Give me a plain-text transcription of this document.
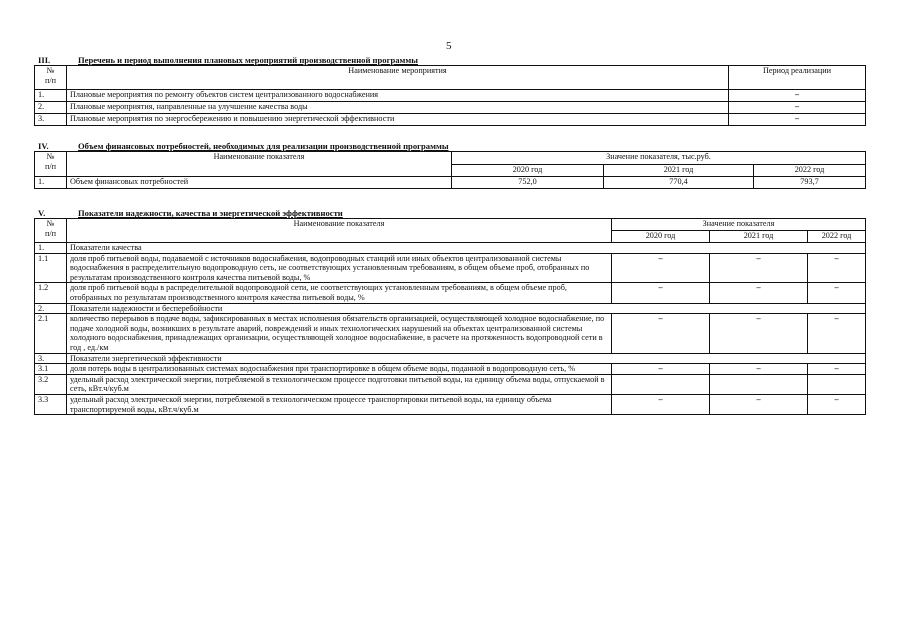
5
III.	Перечень и период выполнения плановых мероприятий производственной программы
№
п/п	Наименование мероприятия	Период реализации
1.	Плановые мероприятия по ремонту объектов систем централизованного водоснабжения	–
2.	Плановые мероприятия, направленные на улучшение качества воды	–
3.	Плановые мероприятия по энергосбережению и повышению энергетической эффективности	–
IV.	Объем финансовых потребностей, необходимых для реализации производственной программы
№
п/п	Наименование показателя	Значение показателя, тыс.руб.		
		2020 год	2021 год	2022 год
1.	Объем финансовых потребностей	752,0	770,4	793,7
V.	Показатели надежности, качества и энергетической эффективности
№
п/п	Наименование показателя	Значение показателя		
		2020 год	2021 год	2022 год
1.	Показатели качества			
1.1	доля проб питьевой воды, подаваемой с источников водоснабжения, водопроводных станций или иных объектов централизованной системы водоснабжения в распределительную водопроводную сеть, не соответствующих установленным требованиям, в общем объеме проб, отобранных по результатам производственного контроля качества питьевой воды, %	–	–	–
1.2	доля проб питьевой воды в распределительной водопроводной сети, не соответствующих установленным требованиям, в общем объеме проб, отобранных по результатам производственного контроля качества питьевой воды, %	–	–	–
2.	Показатели надежности и бесперебойности			
2.1	количество перерывов в подаче воды, зафиксированных в местах исполнения обязательств организацией, осуществляющей холодное водоснабжение, по подаче холодной воды, возникших в результате аварий, повреждений и иных технологических нарушений на объектах централизованной системы холодного водоснабжения, принадлежащих организации, осуществляющей холодное водоснабжение, в расчете на протяженность водопроводной сети в год , ед./км	–	–	–
3.	Показатели энергетической эффективности			
3.1	доля потерь воды в централизованных системах водоснабжения при транспортировке в общем объеме воды, поданной в водопроводную сеть, %	–	–	–
3.2	удельный расход электрической энергии, потребляемой в технологическом процессе подготовки питьевой воды, на единицу объема воды, отпускаемой в сеть, кВт.ч/куб.м			
3.3	удельный расход электрической энергии, потребляемой в технологическом процессе транспортировки питьевой воды, на единицу объема транспортируемой воды, кВт.ч/куб.м	–	–	–
